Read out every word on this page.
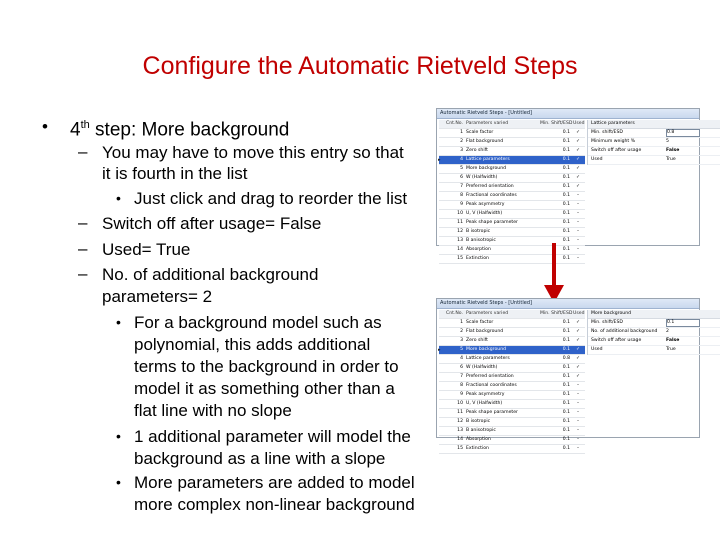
Configure the Automatic Rietveld Steps
• 4th step: More background
– You may have to move this entry so that
it is fourth in the list
• Just click and drag to reorder the list
– Switch off after usage= False
– Used= True
– No. of additional background
parameters= 2
• For a background model such as
polynomial, this adds additional
terms to the background in order to
model it as something other than a
flat line with no slope
• 1 additional parameter will model the
background as a line with a slope
• More parameters are added to model
more complex non-linear background
Automatic Rietveld Steps - [Untitled]
Cnt.No. Parameters varied	Min. Shift/ESD Used
1 Scale factor	0.1	✓
2 Flat background	0.1	✓
3 Zero shift	0.1	✓
▸	4 Lattice parameters	0.1	✓
5 More background	0.1	✓
6 W (Halfwidth)	0.1	✓
7 Preferred orientation	0.1	✓
8 Fractional coordinates	0.1	–
9 Peak asymmetry	0.1	–
10 U, V (Halfwidth)	0.1	–
11 Peak shape parameter	0.1	–
12 B isotropic	0.1	–
13 B anisotropic	0.1	–
14 Absorption	0.1	–
15 Extinction	0.1	–
Lattice parameters
Min. shift/ESD	0.8
Minimum weight %	5
Switch off after usage	False
Used	True
Automatic Rietveld Steps - [Untitled]
Cnt.No. Parameters varied	Min. Shift/ESD Used
1 Scale factor	0.1	✓
2 Flat background	0.1	✓
3 Zero shift	0.1	✓
▸	5 More background	0.1	✓
4 Lattice parameters	0.8	✓
6 W (Halfwidth)	0.1	✓
7 Preferred orientation	0.1	✓
8 Fractional coordinates	0.1	–
9 Peak asymmetry	0.1	–
10 U, V (Halfwidth)	0.1	–
11 Peak shape parameter	0.1	–
12 B isotropic	0.1	–
13 B anisotropic	0.1	–
14 Absorption	0.1	–
15 Extinction	0.1	–
More background
Min. shift/ESD	0.1
No. of additional background	2
Switch off after usage	False
Used	True
